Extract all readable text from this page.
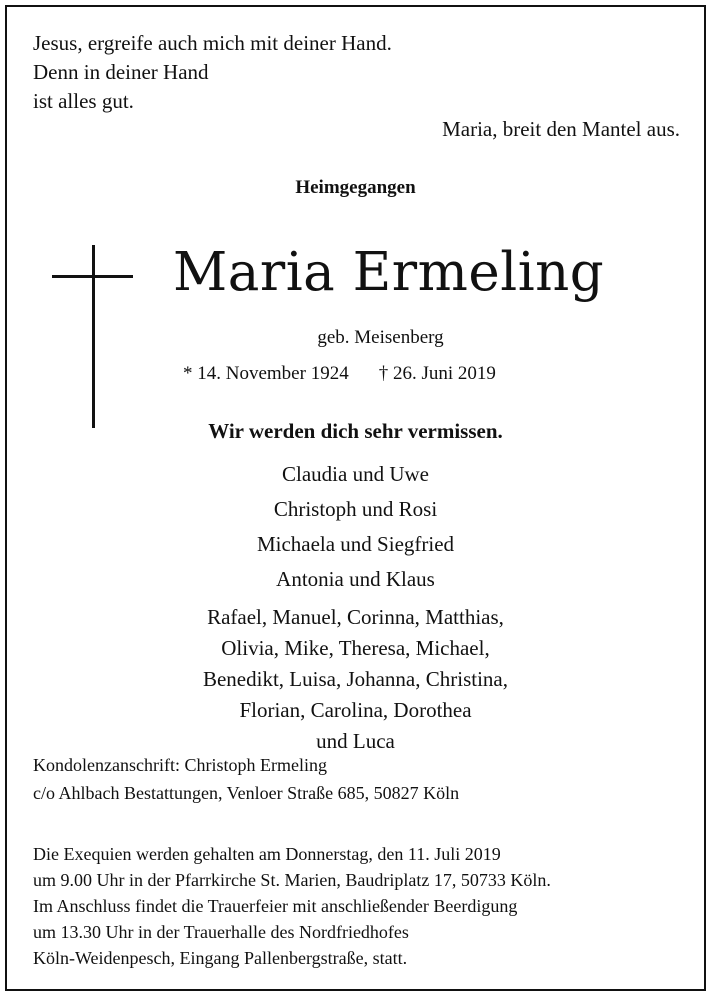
Jesus, ergreife auch mich mit deiner Hand.
Denn in deiner Hand
ist alles gut.
Maria, breit den Mantel aus.
Heimgegangen
Maria Ermeling
geb. Meisenberg
* 14. November 1924 † 26. Juni 2019
Wir werden dich sehr vermissen.
Claudia und Uwe
Christoph und Rosi
Michaela und Siegfried
Antonia und Klaus
Rafael, Manuel, Corinna, Matthias,
Olivia, Mike, Theresa, Michael,
Benedikt, Luisa, Johanna, Christina,
Florian, Carolina, Dorothea
und Luca
Kondolenzanschrift: Christoph Ermeling
c/o Ahlbach Bestattungen, Venloer Straße 685, 50827 Köln
Die Exequien werden gehalten am Donnerstag, den 11. Juli 2019
um 9.00 Uhr in der Pfarrkirche St. Marien, Baudriplatz 17, 50733 Köln.
Im Anschluss findet die Trauerfeier mit anschließender Beerdigung
um 13.30 Uhr in der Trauerhalle des Nordfriedhofes
Köln-Weidenpesch, Eingang Pallenbergstraße, statt.
